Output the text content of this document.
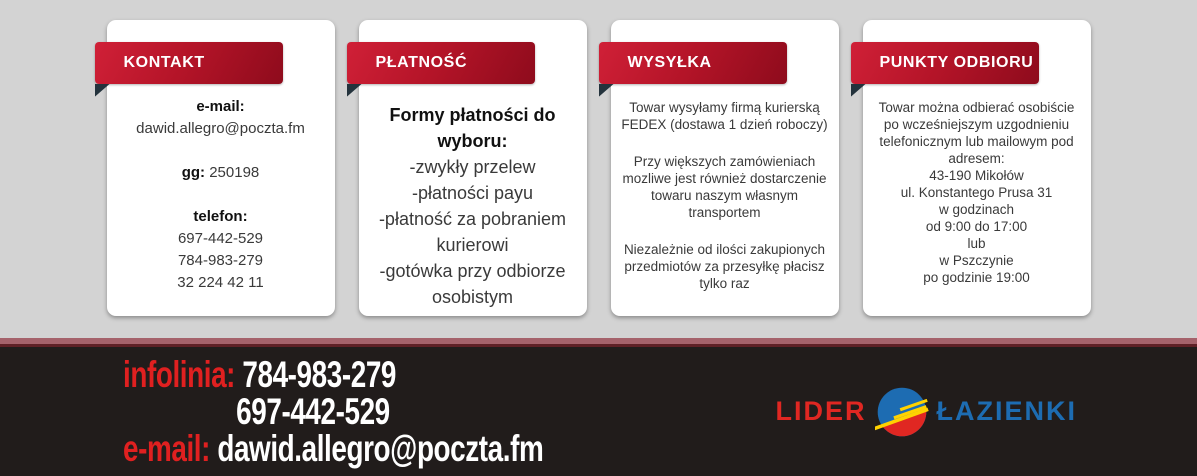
KONTAKT
e-mail:
dawid.allegro@poczta.fm
gg: 250198
telefon:
697-442-529
784-983-279
32 224 42 11
PŁATNOŚĆ
Formy płatności do wyboru:
-zwykły przelew
-płatności payu
-płatność za pobraniem kurierowi
-gotówka przy odbiorze osobistym
WYSYŁKA

Towar wysyłamy firmą kurierską FEDEX (dostawa 1 dzień roboczy)

Przy większych zamówieniach mozliwe jest również dostarczenie towaru naszym własnym transportem

Niezależnie od ilości zakupionych przedmiotów za przesyłkę płacisz tylko raz

PUNKTY ODBIORU
Towar można odbierać osobiście po wcześniejszym uzgodnieniu telefonicznym lub mailowym pod adresem:
43-190 Mikołów
ul. Konstantego Prusa 31
w godzinach
od 9:00 do 17:00
lub
w Pszczynie
po godzinie 19:00
infolinia: 784-983-279
697-442-529
e-mail: dawid.allegro@poczta.fm
LIDER	ŁAZIENKI
